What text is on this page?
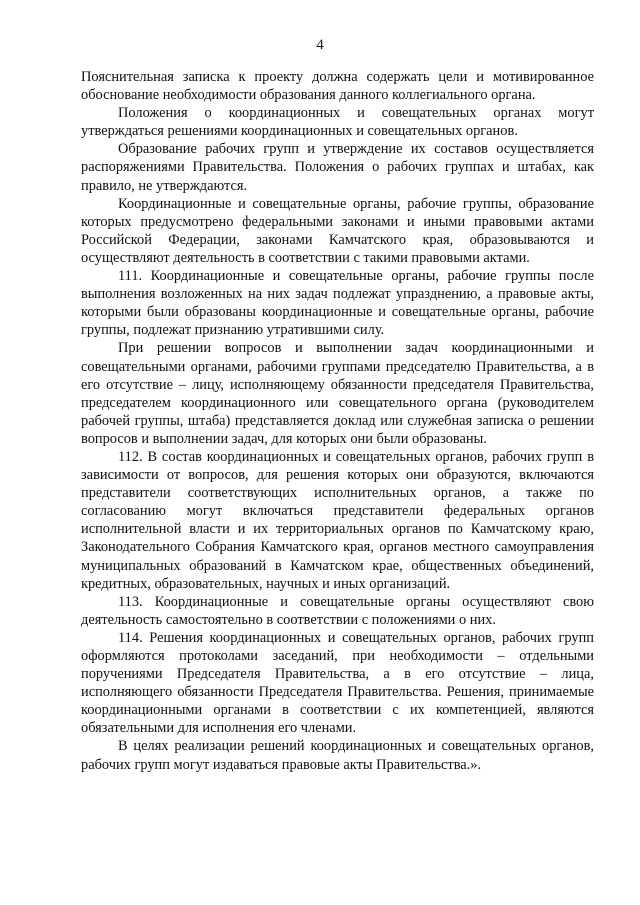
4

Пояснительная записка к проекту должна содержать цели и мотивированное обоснование необходимости образования данного коллегиального органа.

Положения о координационных и совещательных органах могут утверждаться решениями координационных и совещательных органов.

Образование рабочих групп и утверждение их составов осуществляется распоряжениями Правительства. Положения о рабочих группах и штабах, как правило, не утверждаются.

Координационные и совещательные органы, рабочие группы, образование которых предусмотрено федеральными законами и иными правовыми актами Российской Федерации, законами Камчатского края, образовываются и осуществляют деятельность в соответствии с такими правовыми актами.

111. Координационные и совещательные органы, рабочие группы после выполнения возложенных на них задач подлежат упразднению, а правовые акты, которыми были образованы координационные и совещательные органы, рабочие группы, подлежат признанию утратившими силу.

При решении вопросов и выполнении задач координационными и совещательными органами, рабочими группами председателю Правительства, а в его отсутствие – лицу, исполняющему обязанности председателя Правительства, председателем координационного или совещательного органа (руководителем рабочей группы, штаба) представляется доклад или служебная записка о решении вопросов и выполнении задач, для которых они были образованы.

112. В состав координационных и совещательных органов, рабочих групп в зависимости от вопросов, для решения которых они образуются, включаются представители соответствующих исполнительных органов, а также по согласованию могут включаться представители федеральных органов исполнительной власти и их территориальных органов по Камчатскому краю, Законодательного Собрания Камчатского края, органов местного самоуправления муниципальных образований в Камчатском крае, общественных объединений, кредитных, образовательных, научных и иных организаций.

113. Координационные и совещательные органы осуществляют свою деятельность самостоятельно в соответствии с положениями о них.

114. Решения координационных и совещательных органов, рабочих групп оформляются протоколами заседаний, при необходимости – отдельными поручениями Председателя Правительства, а в его отсутствие – лица, исполняющего обязанности Председателя Правительства. Решения, принимаемые координационными органами в соответствии с их компетенцией, являются обязательными для исполнения его членами.

В целях реализации решений координационных и совещательных органов, рабочих групп могут издаваться правовые акты Правительства.».
